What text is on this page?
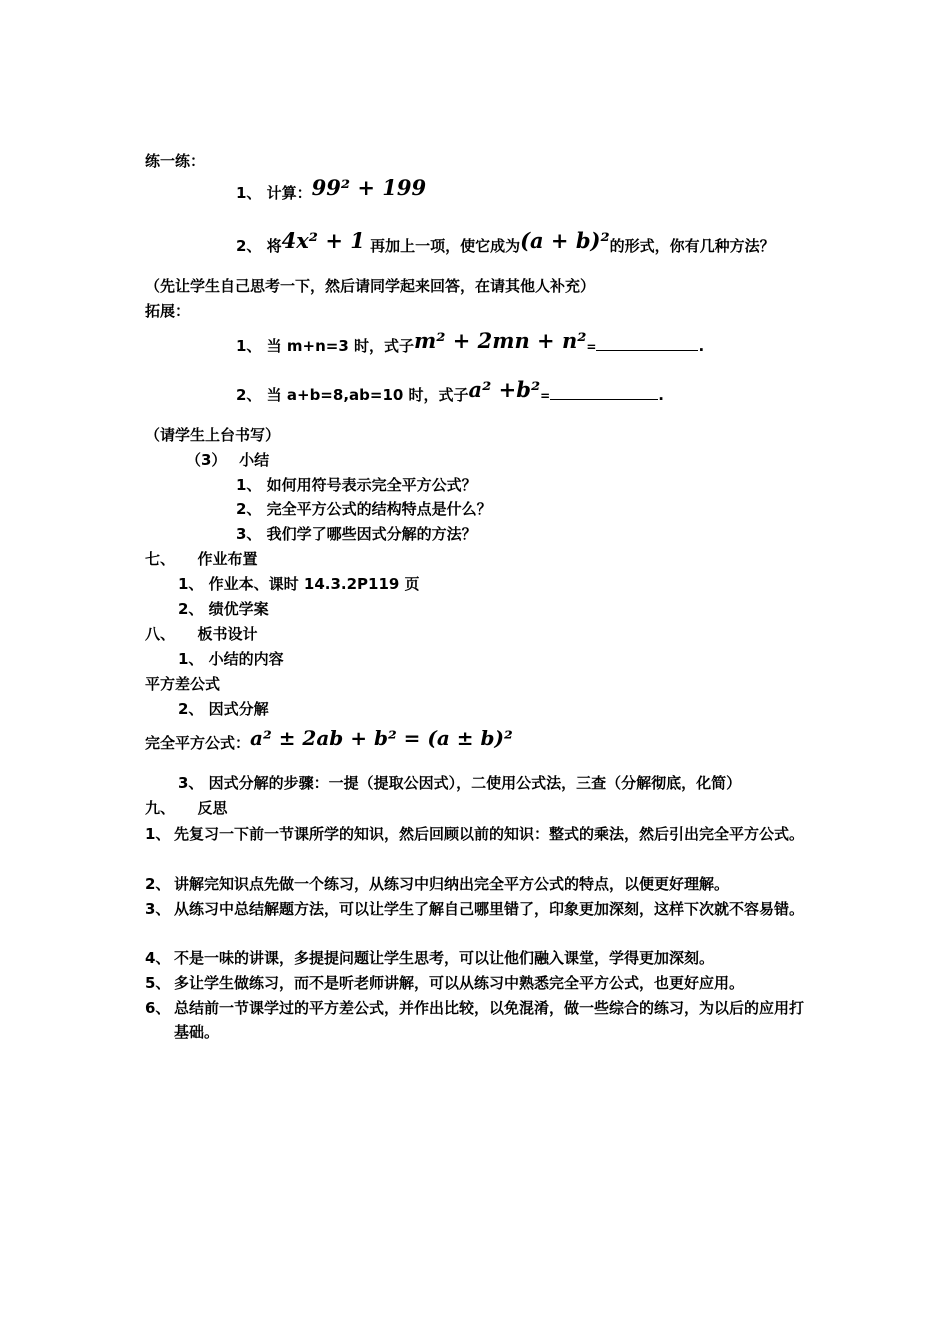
练一练：
1、 计算：99² + 199
2、 将4x² + 1 再加上一项，使它成为(a + b)²的形式，你有几种方法？
（先让学生自己思考一下，然后请同学起来回答，在请其他人补充）
拓展：
1、 当 m+n=3 时，式子m² + 2mn + n²=	.
2、 当 a+b=8,ab=10 时，式子a² +b²=	.
（请学生上台书写）
（3）　 小结
1、 如何用符号表示完全平方公式？
2、 完全平方公式的结构特点是什么？
3、 我们学了哪些因式分解的方法？
七、　　作业布置
1、 作业本、课时 14.3.2P119 页
2、 绩优学案
八、　　板书设计
1、 小结的内容
平方差公式
2、 因式分解
完全平方公式：a² ± 2ab + b² = (a ± b)²
3、 因式分解的步骤：一提（提取公因式），二使用公式法，三查（分解彻底，化简）
九、　　反思
1、 先复习一下前一节课所学的知识，然后回顾以前的知识：整式的乘法，然后引出完全平方公式。
2、 讲解完知识点先做一个练习，从练习中归纳出完全平方公式的特点，以便更好理解。
3、 从练习中总结解题方法，可以让学生了解自己哪里错了，印象更加深刻，这样下次就不容易错。
4、 不是一味的讲课，多提提问题让学生思考，可以让他们融入课堂，学得更加深刻。
5、 多让学生做练习，而不是听老师讲解，可以从练习中熟悉完全平方公式，也更好应用。
6、 总结前一节课学过的平方差公式，并作出比较，以免混淆，做一些综合的练习，为以后的应用打基础。
